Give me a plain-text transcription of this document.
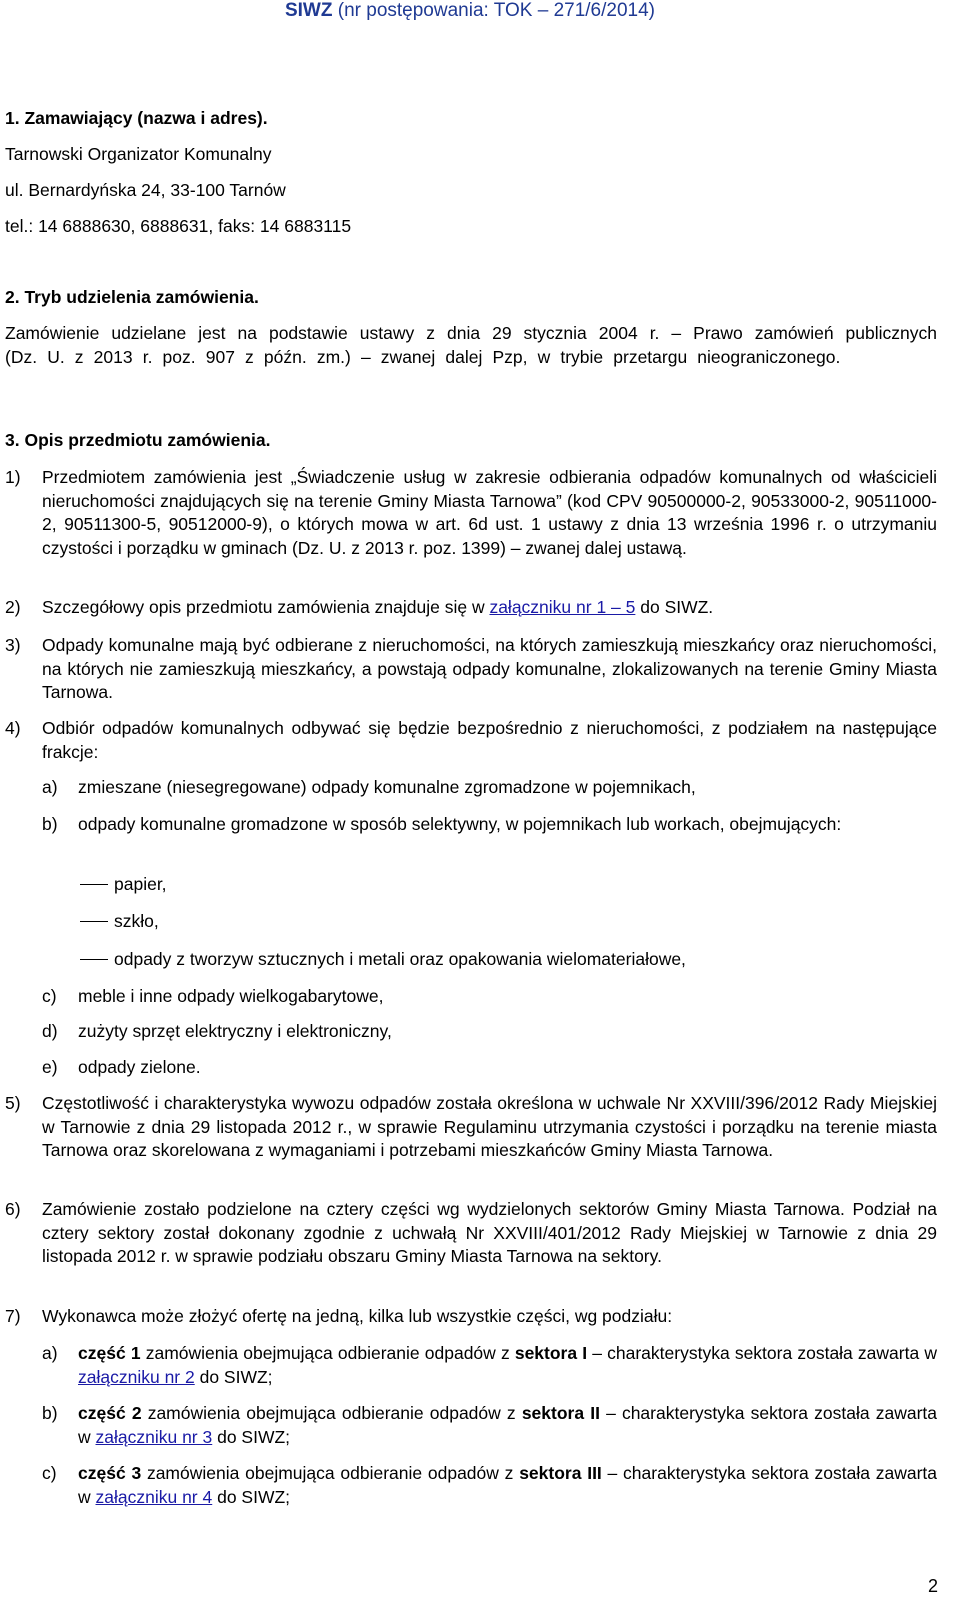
SIWZ (nr postępowania: TOK – 271/6/2014)
1. Zamawiający (nazwa i adres).
Tarnowski Organizator Komunalny
ul. Bernardyńska 24, 33-100 Tarnów
tel.: 14 6888630, 6888631, faks: 14 6883115
2. Tryb udzielenia zamówienia.
Zamówienie udzielane jest na podstawie ustawy z dnia 29 stycznia 2004 r. – Prawo zamówień publicznych (Dz. U. z 2013 r. poz. 907 z późn. zm.) – zwanej dalej Pzp, w trybie przetargu nieograniczonego.
3. Opis przedmiotu zamówienia.
1) Przedmiotem zamówienia jest „Świadczenie usług w zakresie odbierania odpadów komunalnych od właścicieli nieruchomości znajdujących się na terenie Gminy Miasta Tarnowa” (kod CPV 90500000-2, 90533000-2, 90511000-2, 90511300-5, 90512000-9), o których mowa w art. 6d ust. 1 ustawy z dnia 13 września 1996 r. o utrzymaniu czystości i porządku w gminach (Dz. U. z 2013 r. poz. 1399) – zwanej dalej ustawą.
2) Szczegółowy opis przedmiotu zamówienia znajduje się w załączniku nr 1 – 5 do SIWZ.
3) Odpady komunalne mają być odbierane z nieruchomości, na których zamieszkują mieszkańcy oraz nieruchomości, na których nie zamieszkują mieszkańcy, a powstają odpady komunalne, zlokalizowanych na terenie Gminy Miasta Tarnowa.
4) Odbiór odpadów komunalnych odbywać się będzie bezpośrednio z nieruchomości, z podziałem na następujące frakcje:
a) zmieszane (niesegregowane) odpady komunalne zgromadzone w pojemnikach,
b) odpady komunalne gromadzone w sposób selektywny, w pojemnikach lub workach, obejmujących:
papier,
szkło,
odpady z tworzyw sztucznych i metali oraz opakowania wielomateriałowe,
c) meble i inne odpady wielkogabarytowe,
d) zużyty sprzęt elektryczny i elektroniczny,
e) odpady zielone.
5) Częstotliwość i charakterystyka wywozu odpadów została określona w uchwale Nr XXVIII/396/2012 Rady Miejskiej w Tarnowie z dnia 29 listopada 2012 r., w sprawie Regulaminu utrzymania czystości i porządku na terenie miasta Tarnowa oraz skorelowana z wymaganiami i potrzebami mieszkańców Gminy Miasta Tarnowa.
6) Zamówienie zostało podzielone na cztery części wg wydzielonych sektorów Gminy Miasta Tarnowa. Podział na cztery sektory został dokonany zgodnie z uchwałą Nr XXVIII/401/2012 Rady Miejskiej w Tarnowie z dnia 29 listopada 2012 r. w sprawie podziału obszaru Gminy Miasta Tarnowa na sektory.
7) Wykonawca może złożyć ofertę na jedną, kilka lub wszystkie części, wg podziału:
a) część 1 zamówienia obejmująca odbieranie odpadów z sektora I – charakterystyka sektora została zawarta w załączniku nr 2 do SIWZ;
b) część 2 zamówienia obejmująca odbieranie odpadów z sektora II – charakterystyka sektora została zawarta w załączniku nr 3 do SIWZ;
c) część 3 zamówienia obejmująca odbieranie odpadów z sektora III – charakterystyka sektora została zawarta w załączniku nr 4 do SIWZ;
2
